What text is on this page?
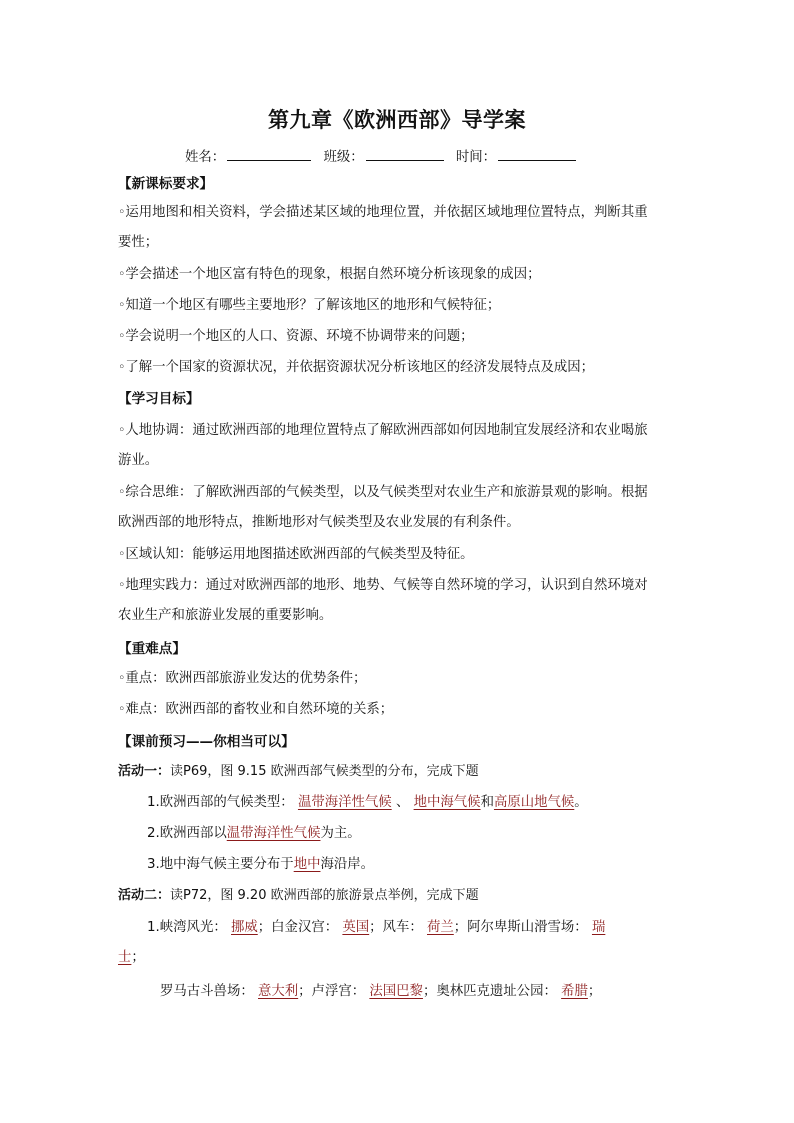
第九章《欧洲西部》导学案
姓名：	班级：	时间：
【新课标要求】
◦运用地图和相关资料，学会描述某区域的地理位置，并依据区域地理位置特点，判断其重
要性；
◦学会描述一个地区富有特色的现象，根据自然环境分析该现象的成因；
◦知道一个地区有哪些主要地形？了解该地区的地形和气候特征；
◦学会说明一个地区的人口、资源、环境不协调带来的问题；
◦了解一个国家的资源状况，并依据资源状况分析该地区的经济发展特点及成因；
【学习目标】
◦人地协调：通过欧洲西部的地理位置特点了解欧洲西部如何因地制宜发展经济和农业喝旅
游业。
◦综合思维：了解欧洲西部的气候类型，以及气候类型对农业生产和旅游景观的影响。根据
欧洲西部的地形特点，推断地形对气候类型及农业发展的有利条件。
◦区域认知：能够运用地图描述欧洲西部的气候类型及特征。
◦地理实践力：通过对欧洲西部的地形、地势、气候等自然环境的学习，认识到自然环境对
农业生产和旅游业发展的重要影响。
【重难点】
◦重点：欧洲西部旅游业发达的优势条件；
◦难点：欧洲西部的畜牧业和自然环境的关系；
【课前预习——你相当可以】
活动一：读P69，图 9.15 欧洲西部气候类型的分布，完成下题
1.欧洲西部的气候类型： 温带海洋性气候 、 地中海气候和高原山地气候。
2.欧洲西部以温带海洋性气候为主。
3.地中海气候主要分布于地中海沿岸。
活动二：读P72，图 9.20 欧洲西部的旅游景点举例，完成下题
1.峡湾风光： 挪威；白金汉宫： 英国；风车： 荷兰；阿尔卑斯山滑雪场： 瑞
士；
罗马古斗兽场： 意大利；卢浮宫： 法国巴黎；奥林匹克遗址公园： 希腊；
